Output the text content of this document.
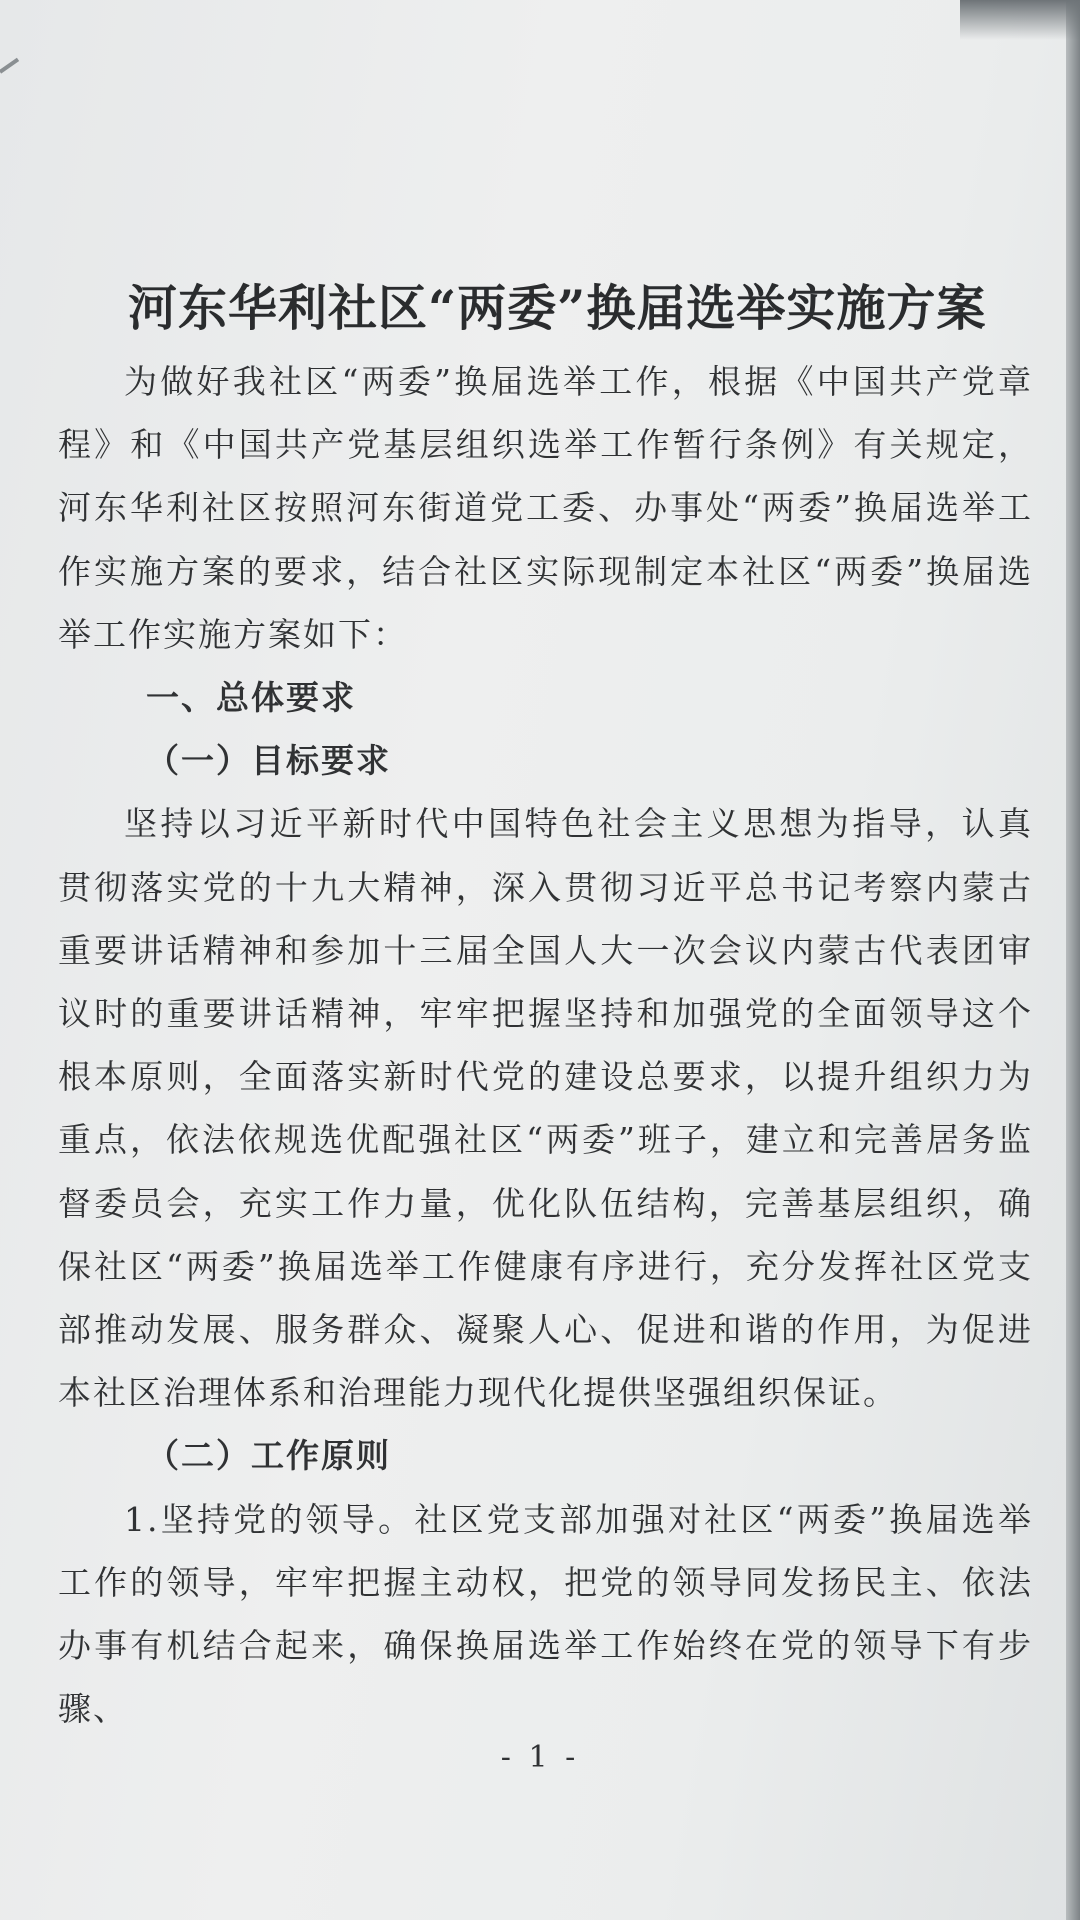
河东华利社区“两委”换届选举实施方案

为做好我社区“两委”换届选举工作，根据《中国共产党章程》和《中国共产党基层组织选举工作暂行条例》有关规定，河东华利社区按照河东街道党工委、办事处“两委”换届选举工作实施方案的要求，结合社区实际现制定本社区“两委”换届选举工作实施方案如下：

一、总体要求

（一）目标要求

坚持以习近平新时代中国特色社会主义思想为指导，认真贯彻落实党的十九大精神，深入贯彻习近平总书记考察内蒙古重要讲话精神和参加十三届全国人大一次会议内蒙古代表团审议时的重要讲话精神，牢牢把握坚持和加强党的全面领导这个根本原则，全面落实新时代党的建设总要求，以提升组织力为重点，依法依规选优配强社区“两委”班子，建立和完善居务监督委员会，充实工作力量，优化队伍结构，完善基层组织，确保社区“两委”换届选举工作健康有序进行，充分发挥社区党支部推动发展、服务群众、凝聚人心、促进和谐的作用，为促进本社区治理体系和治理能力现代化提供坚强组织保证。

（二）工作原则

1.坚持党的领导。社区党支部加强对社区“两委”换届选举工作的领导，牢牢把握主动权，把党的领导同发扬民主、依法办事有机结合起来，确保换届选举工作始终在党的领导下有步骤、

- 1 -
